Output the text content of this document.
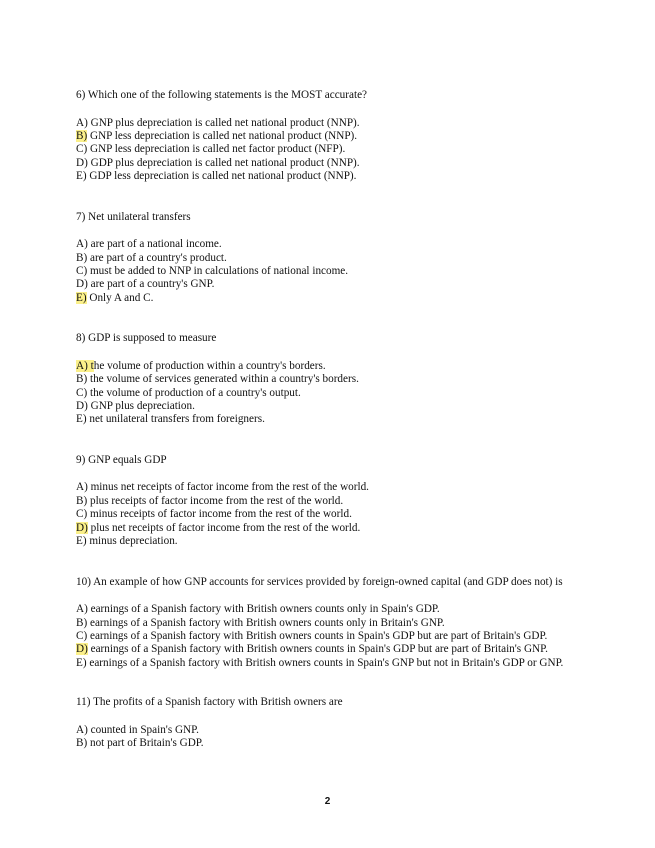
6) Which one of the following statements is the MOST accurate?
A) GNP plus depreciation is called net national product (NNP).
B) GNP less depreciation is called net national product (NNP).
C) GNP less depreciation is called net factor product (NFP).
D) GDP plus depreciation is called net national product (NNP).
E) GDP less depreciation is called net national product (NNP).
7) Net unilateral transfers
A) are part of a national income.
B) are part of a country's product.
C) must be added to NNP in calculations of national income.
D) are part of a country's GNP.
E) Only A and C.
8) GDP is supposed to measure
A) the volume of production within a country's borders.
B) the volume of services generated within a country's borders.
C) the volume of production of a country's output.
D) GNP plus depreciation.
E) net unilateral transfers from foreigners.
9) GNP equals GDP
A) minus net receipts of factor income from the rest of the world.
B) plus receipts of factor income from the rest of the world.
C) minus receipts of factor income from the rest of the world.
D) plus net receipts of factor income from the rest of the world.
E) minus depreciation.
10) An example of how GNP accounts for services provided by foreign-owned capital (and GDP does not) is
A) earnings of a Spanish factory with British owners counts only in Spain's GDP.
B) earnings of a Spanish factory with British owners counts only in Britain's GNP.
C) earnings of a Spanish factory with British owners counts in Spain's GDP but are part of Britain's GDP.
D) earnings of a Spanish factory with British owners counts in Spain's GDP but are part of Britain's GNP.
E) earnings of a Spanish factory with British owners counts in Spain's GNP but not in Britain's GDP or GNP.
11) The profits of a Spanish factory with British owners are
A) counted in Spain's GNP.
B) not part of Britain's GDP.
2
